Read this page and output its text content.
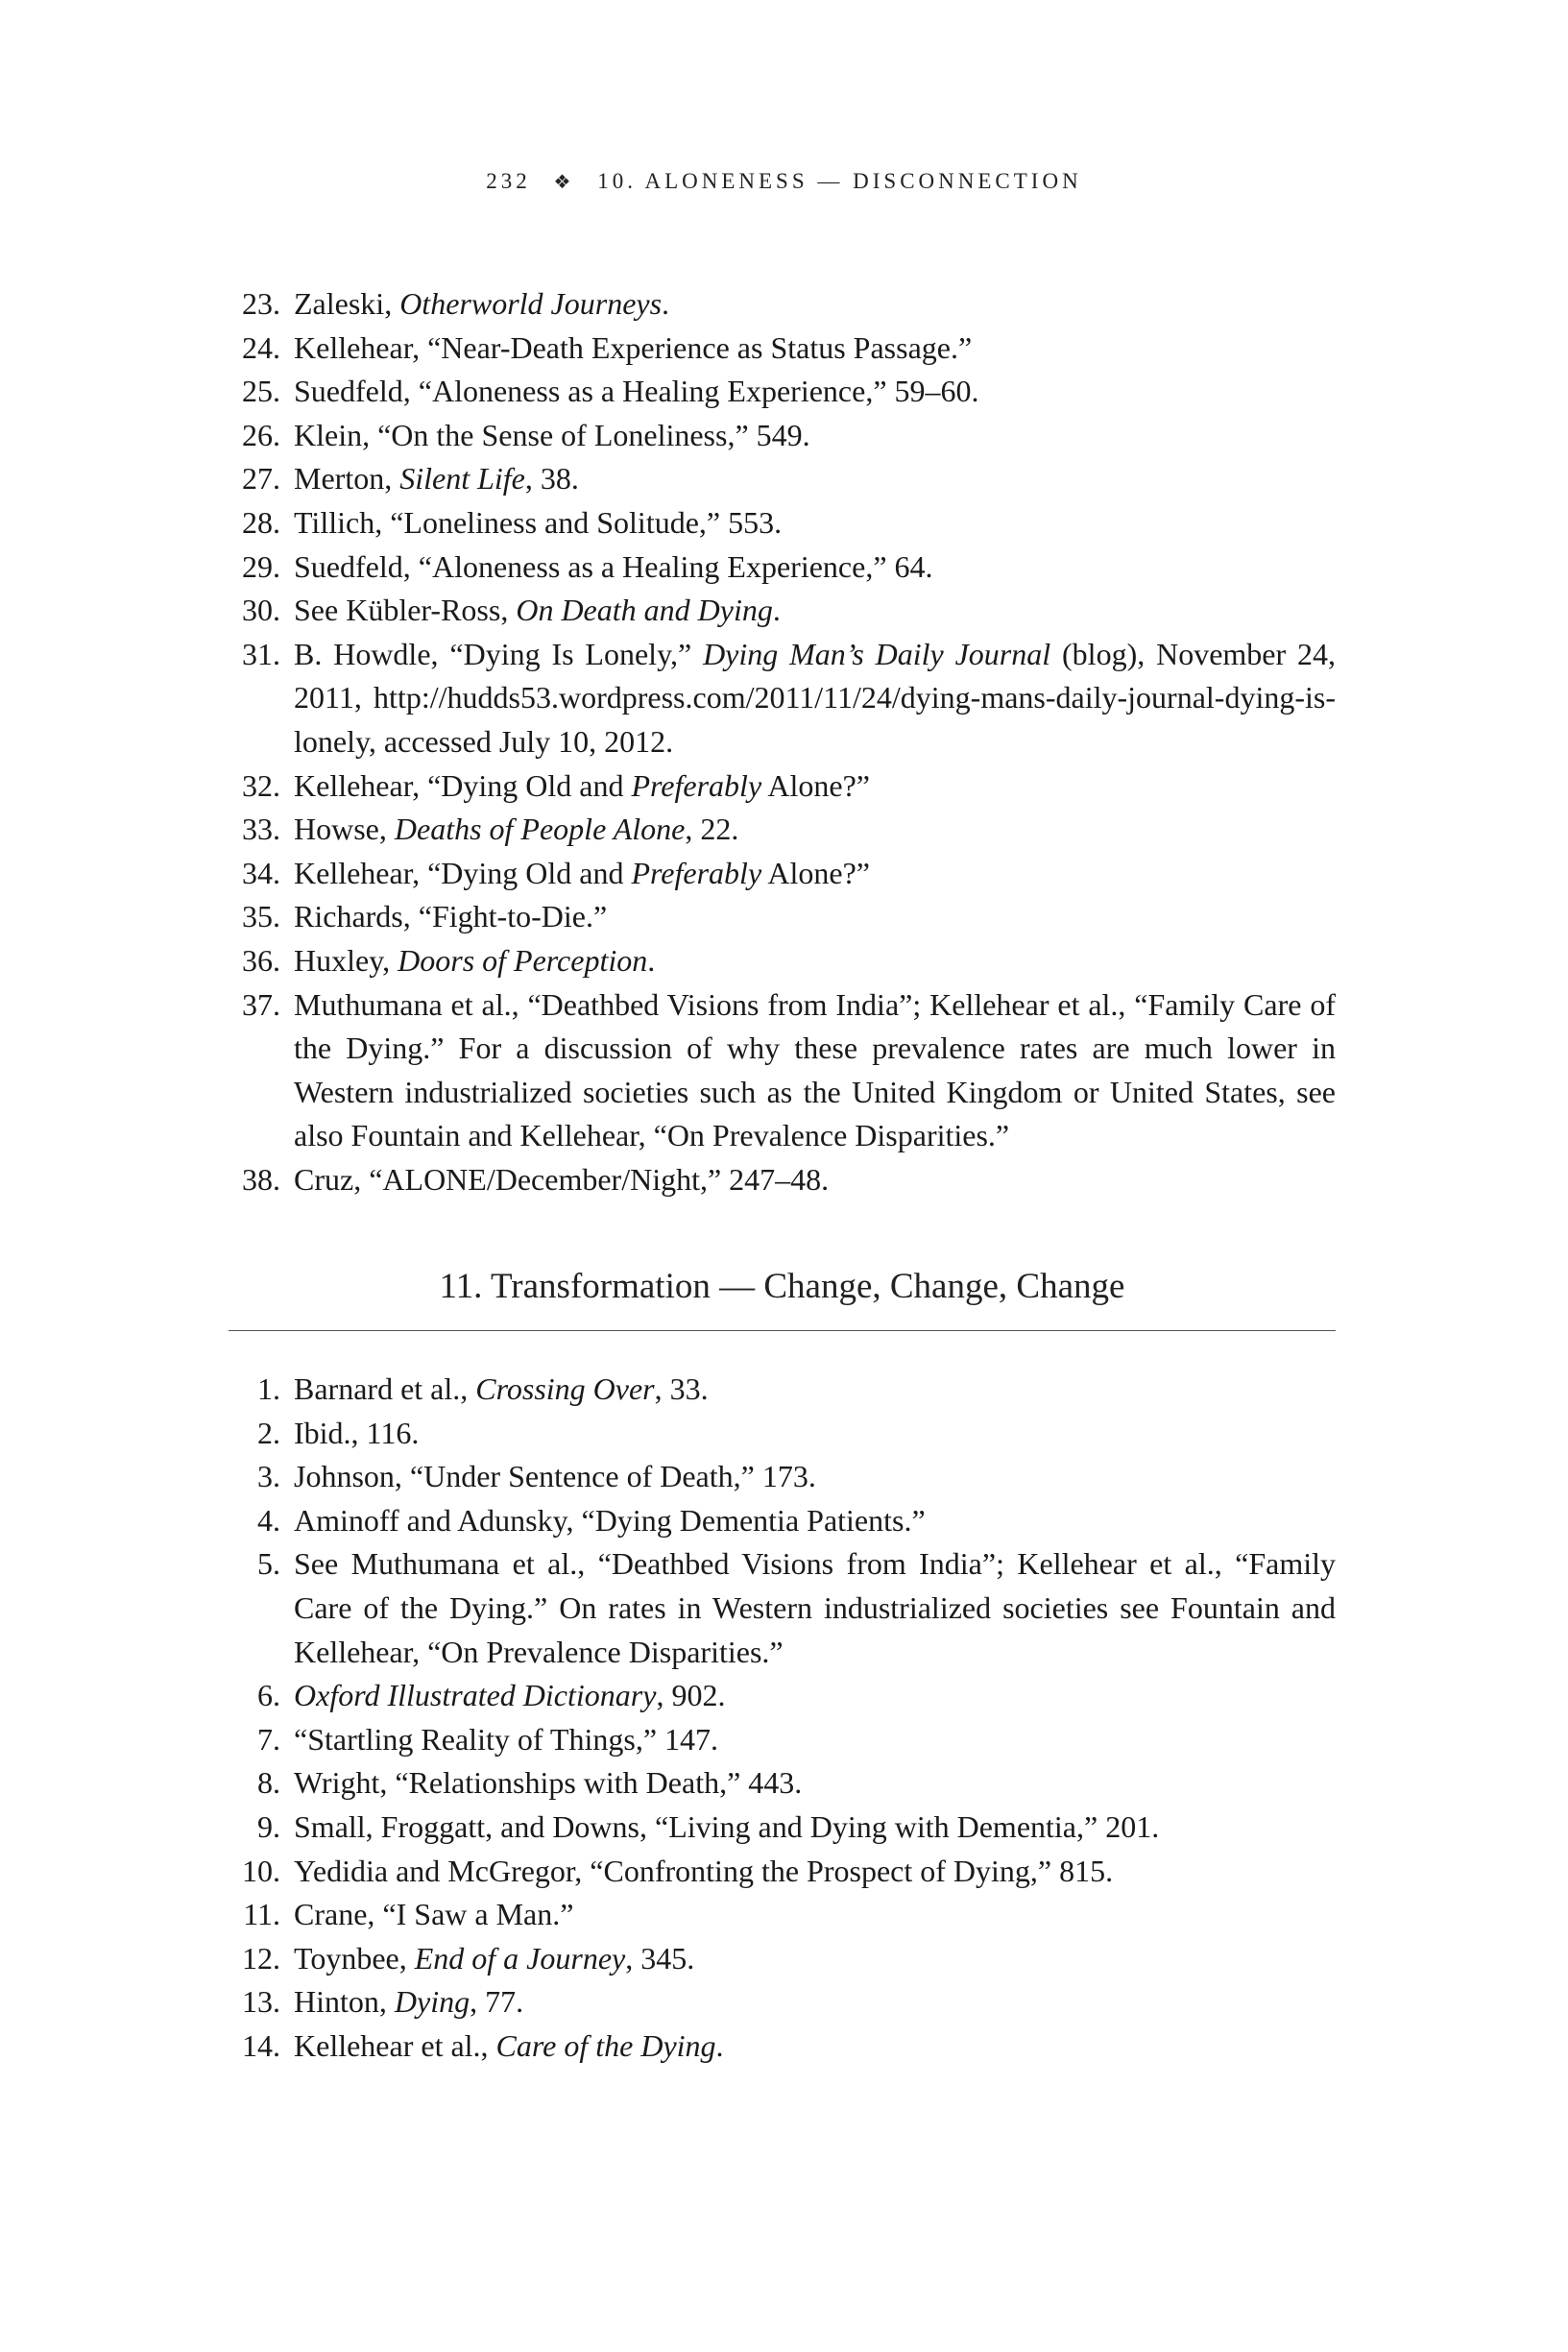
232 ❖ 10. ALONENESS — DISCONNECTION
23. Zaleski, Otherworld Journeys.
24. Kellehear, “Near-Death Experience as Status Passage.”
25. Suedfeld, “Aloneness as a Healing Experience,” 59–60.
26. Klein, “On the Sense of Loneliness,” 549.
27. Merton, Silent Life, 38.
28. Tillich, “Loneliness and Solitude,” 553.
29. Suedfeld, “Aloneness as a Healing Experience,” 64.
30. See Kübler-Ross, On Death and Dying.
31. B. Howdle, “Dying Is Lonely,” Dying Man’s Daily Journal (blog), November 24, 2011, http://hudds53.wordpress.com/2011/11/24/dying-mans-daily-journal-dying-is-lonely, accessed July 10, 2012.
32. Kellehear, “Dying Old and Preferably Alone?”
33. Howse, Deaths of People Alone, 22.
34. Kellehear, “Dying Old and Preferably Alone?”
35. Richards, “Fight-to-Die.”
36. Huxley, Doors of Perception.
37. Muthumana et al., “Deathbed Visions from India”; Kellehear et al., “Family Care of the Dying.” For a discussion of why these prevalence rates are much lower in Western industrialized societies such as the United Kingdom or United States, see also Fountain and Kellehear, “On Prevalence Disparities.”
38. Cruz, “ALONE/December/Night,” 247–48.
11. Transformation — Change, Change, Change
1. Barnard et al., Crossing Over, 33.
2. Ibid., 116.
3. Johnson, “Under Sentence of Death,” 173.
4. Aminoff and Adunsky, “Dying Dementia Patients.”
5. See Muthumana et al., “Deathbed Visions from India”; Kellehear et al., “Family Care of the Dying.” On rates in Western industrialized societies see Fountain and Kellehear, “On Prevalence Disparities.”
6. Oxford Illustrated Dictionary, 902.
7. “Startling Reality of Things,” 147.
8. Wright, “Relationships with Death,” 443.
9. Small, Froggatt, and Downs, “Living and Dying with Dementia,” 201.
10. Yedidia and McGregor, “Confronting the Prospect of Dying,” 815.
11. Crane, “I Saw a Man.”
12. Toynbee, End of a Journey, 345.
13. Hinton, Dying, 77.
14. Kellehear et al., Care of the Dying.
